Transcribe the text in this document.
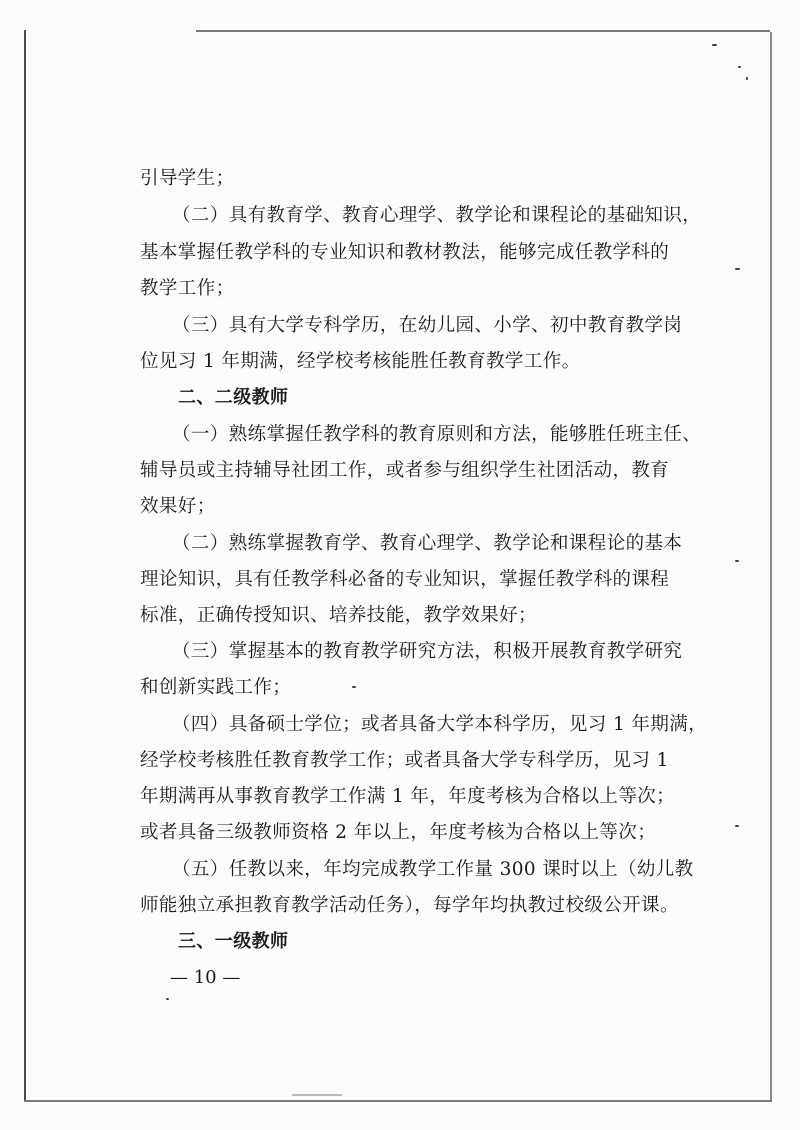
引导学生；
（二）具有教育学、教育心理学、教学论和课程论的基础知识，
基本掌握任教学科的专业知识和教材教法，能够完成任教学科的
教学工作；
（三）具有大学专科学历，在幼儿园、小学、初中教育教学岗
位见习 1 年期满，经学校考核能胜任教育教学工作。
二、二级教师
（一）熟练掌握任教学科的教育原则和方法，能够胜任班主任、
辅导员或主持辅导社团工作，或者参与组织学生社团活动，教育
效果好；
（二）熟练掌握教育学、教育心理学、教学论和课程论的基本
理论知识，具有任教学科必备的专业知识，掌握任教学科的课程
标准，正确传授知识、培养技能，教学效果好；
（三）掌握基本的教育教学研究方法，积极开展教育教学研究
和创新实践工作；
（四）具备硕士学位；或者具备大学本科学历，见习 1 年期满，
经学校考核胜任教育教学工作；或者具备大学专科学历，见习 1
年期满再从事教育教学工作满 1 年，年度考核为合格以上等次；
或者具备三级教师资格 2 年以上，年度考核为合格以上等次；
（五）任教以来，年均完成教学工作量 300 课时以上（幼儿教
师能独立承担教育教学活动任务），每学年均执教过校级公开课。
三、一级教师
— 10 —
